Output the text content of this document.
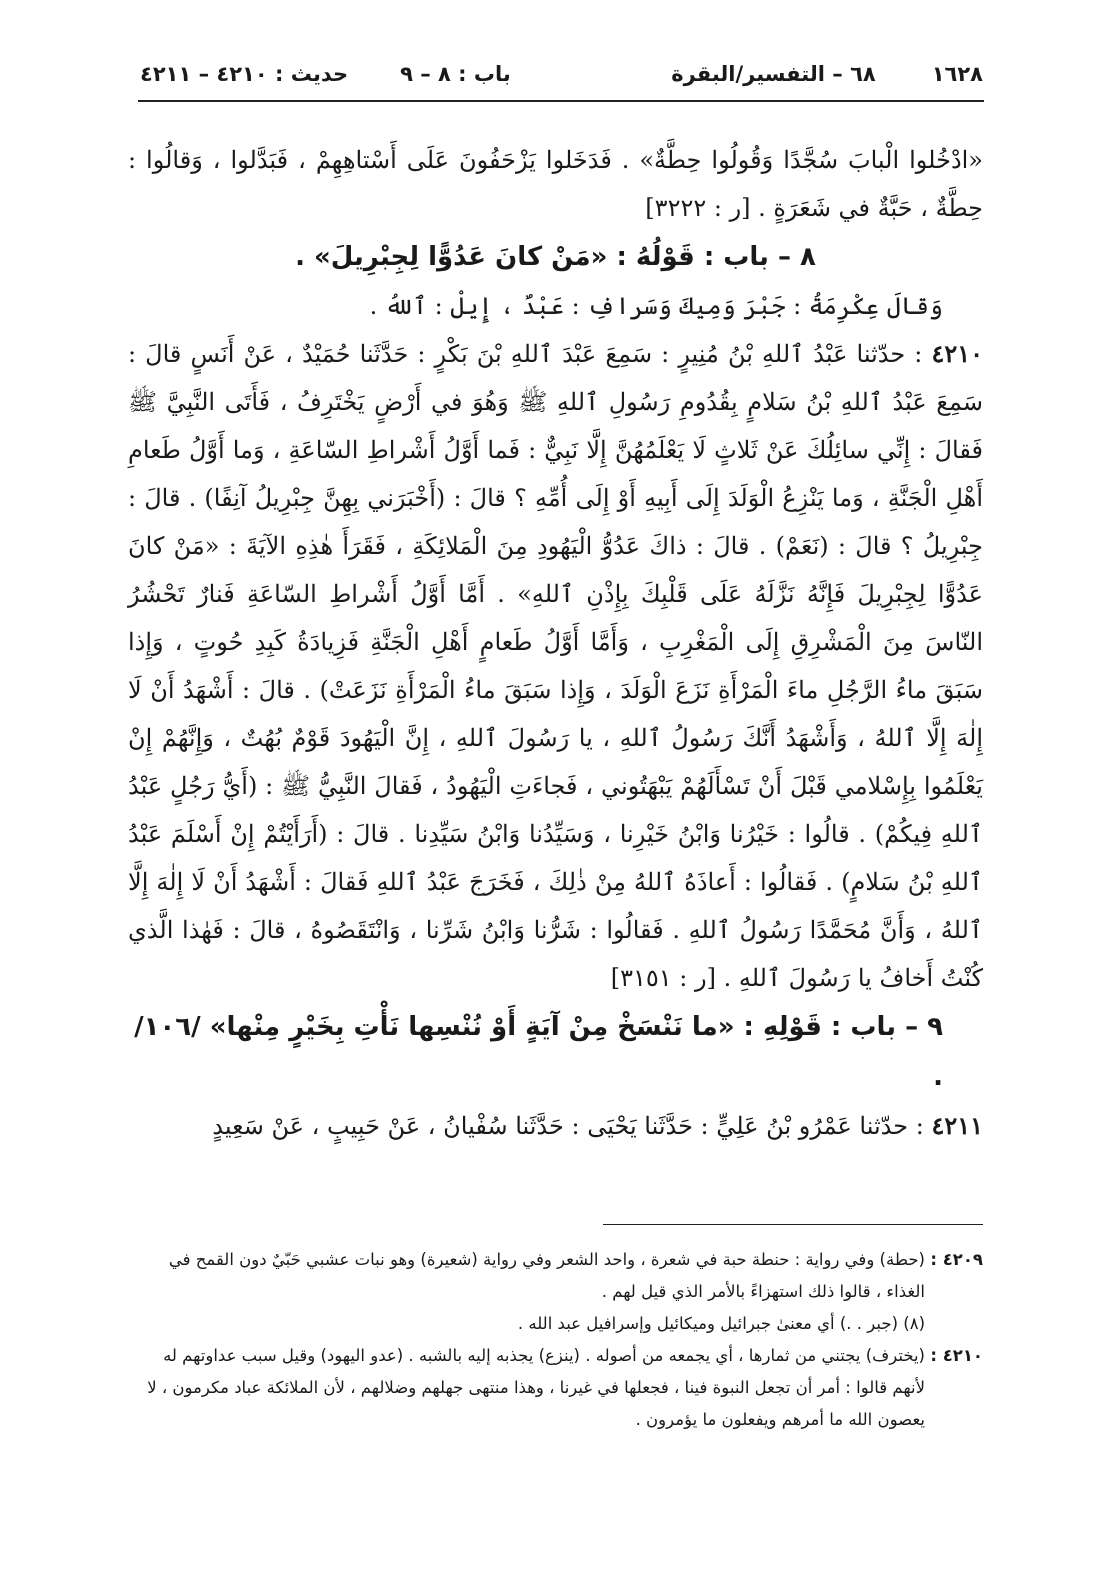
١٦٢٨
٦٨ – التفسير/البقرة
باب : ٨ – ٩
حديث : ٤٢١٠ – ٤٢١١

«ادْخُلوا الْبابَ سُجَّدًا وَقُولُوا حِطَّةٌ» . فَدَخَلوا يَزْحَفُونَ عَلَى أَسْتاهِهِمْ ، فَبَدَّلوا ، وَقالُوا : حِطَّةٌ ، حَبَّةٌ في شَعَرَةٍ . [ر : ٣٢٢٢]

٨ – باب : قَوْلُهُ : «مَنْ كانَ عَدُوًّا لِجِبْرِيلَ» .

وَقالَ عِكْرِمَةُ : جَبْرَ وَمِيكَ وَسَرافِ : عَبْدٌ ، إِيلْ : ٱللهُ .

٤٢١٠ : حدّثنا عَبْدُ ٱللهِ بْنُ مُنِيرٍ : سَمِعَ عَبْدَ ٱللهِ بْنَ بَكْرٍ : حَدَّثَنا حُمَيْدٌ ، عَنْ أَنَسٍ قالَ : سَمِعَ عَبْدُ ٱللهِ بْنُ سَلامٍ بِقُدُومِ رَسُولِ ٱللهِ ﷺ وَهُوَ في أَرْضٍ يَخْتَرِفُ ، فَأَتَى النَّبِيَّ ﷺ فَقالَ : إِنِّي سائِلُكَ عَنْ ثَلاثٍ لَا يَعْلَمُهُنَّ إِلَّا نَبِيٌّ : فَما أَوَّلُ أَشْراطِ السّاعَةِ ، وَما أَوَّلُ طَعامِ أَهْلِ الْجَنَّةِ ، وَما يَنْزِعُ الْوَلَدَ إِلَى أَبِيهِ أَوْ إِلَى أُمِّهِ ؟ قالَ : (أَخْبَرَني بِهِنَّ جِبْرِيلُ آنِفًا) . قالَ : جِبْرِيلُ ؟ قالَ : (نَعَمْ) . قالَ : ذاكَ عَدُوُّ الْيَهُودِ مِنَ الْمَلائِكَةِ ، فَقَرَأَ هٰذِهِ الآيَةَ : «مَنْ كانَ عَدُوًّا لِجِبْرِيلَ فَإِنَّهُ نَزَّلَهُ عَلَى قَلْبِكَ بِإِذْنِ ٱللهِ» . أَمَّا أَوَّلُ أَشْراطِ السّاعَةِ فَنارٌ تَحْشُرُ النّاسَ مِنَ الْمَشْرِقِ إِلَى الْمَغْرِبِ ، وَأَمَّا أَوَّلُ طَعامٍ أَهْلِ الْجَنَّةِ فَزِيادَةُ كَبِدِ حُوتٍ ، وَإِذا سَبَقَ ماءُ الرَّجُلِ ماءَ الْمَرْأَةِ نَزَعَ الْوَلَدَ ، وَإِذا سَبَقَ ماءُ الْمَرْأَةِ نَزَعَتْ) . قالَ : أَشْهَدُ أَنْ لَا إِلٰهَ إِلَّا ٱللهُ ، وَأَشْهَدُ أَنَّكَ رَسُولُ ٱللهِ ، يا رَسُولَ ٱللهِ ، إِنَّ الْيَهُودَ قَوْمٌ بُهُتٌ ، وَإِنَّهُمْ إِنْ يَعْلَمُوا بِإِسْلامي قَبْلَ أَنْ تَسْأَلَهُمْ يَبْهَتُوني ، فَجاءَتِ الْيَهُودُ ، فَقالَ النَّبِيُّ ﷺ : (أَيُّ رَجُلٍ عَبْدُ ٱللهِ فِيكُمْ) . قالُوا : خَيْرُنا وَابْنُ خَيْرِنا ، وَسَيِّدُنا وَابْنُ سَيِّدِنا . قالَ : (أَرَأَيْتُمْ إِنْ أَسْلَمَ عَبْدُ ٱللهِ بْنُ سَلامٍ) . فَقالُوا : أَعاذَهُ ٱللهُ مِنْ ذٰلِكَ ، فَخَرَجَ عَبْدُ ٱللهِ فَقالَ : أَشْهَدُ أَنْ لَا إِلٰهَ إِلَّا ٱللهُ ، وَأَنَّ مُحَمَّدًا رَسُولُ ٱللهِ . فَقالُوا : شَرُّنا وَابْنُ شَرِّنا ، وَانْتَقَصُوهُ ، قالَ : فَهٰذا الَّذي كُنْتُ أَخافُ يا رَسُولَ ٱللهِ . [ر : ٣١٥١]

٩ – باب : قَوْلِهِ : «ما نَنْسَخْ مِنْ آيَةٍ أَوْ نُنْسِها نَأْتِ بِخَيْرٍ مِنْها» /١٠٦/ .

٤٢١١ : حدّثنا عَمْرُو بْنُ عَلِيٍّ : حَدَّثَنا يَحْيَى : حَدَّثَنا سُفْيانُ ، عَنْ حَبِيبٍ ، عَنْ سَعِيدٍ

٤٢٠٩ :
(حطة) وفي رواية : حنطة حبة في شعرة ، واحد الشعر وفي رواية (شعيرة) وهو نبات عشبي حَبّيٌ دون القمح في الغذاء ، قالوا ذلك استهزاءً بالأمر الذي قيل لهم .
(٨) (جبر . .) أي معنىٰ جبرائيل وميكائيل وإسرافيل عبد الله .
٤٢١٠ :
(يخترف) يجتني من ثمارها ، أي يجمعه من أصوله . (ينزع) يجذبه إليه بالشبه . (عدو اليهود) وقيل سبب عداوتهم له لأنهم قالوا : أمر أن تجعل النبوة فينا ، فجعلها في غيرنا ، وهذا منتهى جهلهم وضلالهم ، لأن الملائكة عباد مكرمون ، لا يعصون الله ما أمرهم ويفعلون ما يؤمرون .
